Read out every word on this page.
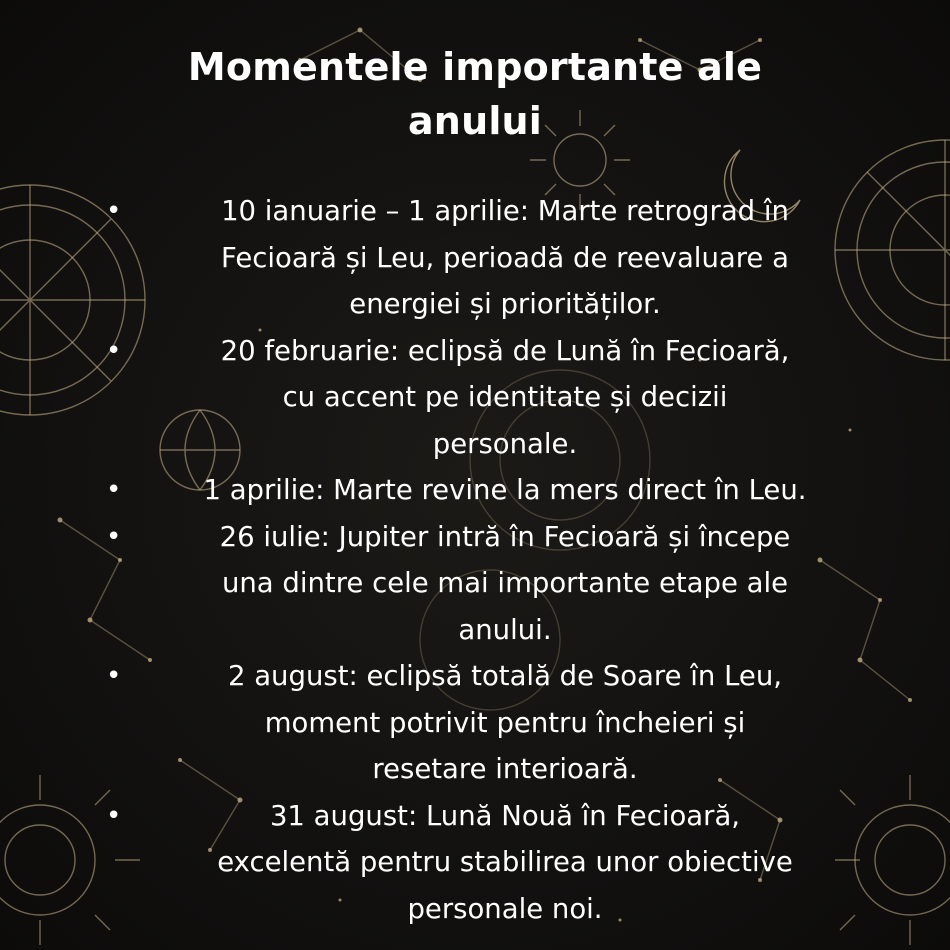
Momentele importante ale
anului
•	10 ianuarie – 1 aprilie: Marte retrograd în
Fecioară și Leu, perioadă de reevaluare a
energiei și priorităților.
•	20 februarie: eclipsă de Lună în Fecioară,
cu accent pe identitate și decizii
personale.
•	1 aprilie: Marte revine la mers direct în Leu.
•	26 iulie: Jupiter intră în Fecioară și începe
una dintre cele mai importante etape ale
anului.
•	2 august: eclipsă totală de Soare în Leu,
moment potrivit pentru încheieri și
resetare interioară.
•	31 august: Lună Nouă în Fecioară,
excelentă pentru stabilirea unor obiective
personale noi.
